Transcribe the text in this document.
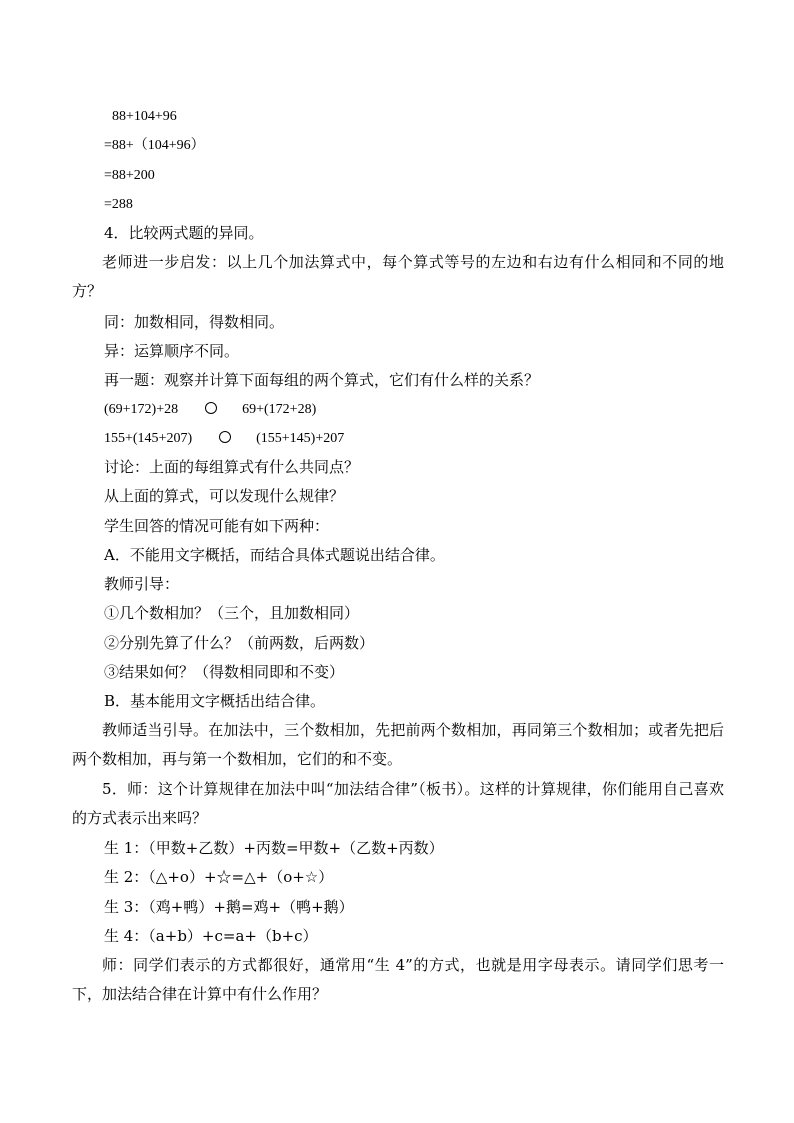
88+104+96
=88+（104+96）
=88+200
=288
4．比较两式题的异同。
老师进一步启发：以上几个加法算式中，每个算式等号的左边和右边有什么相同和不同的地方？
同：加数相同，得数相同。
异：运算顺序不同。
再一题：观察并计算下面每组的两个算式，它们有什么样的关系？
(69+172)+28	69+(172+28)
155+(145+207)	(155+145)+207
讨论：上面的每组算式有什么共同点？
从上面的算式，可以发现什么规律？
学生回答的情况可能有如下两种：
A．不能用文字概括，而结合具体式题说出结合律。
教师引导：
①几个数相加？（三个，且加数相同）
②分别先算了什么？（前两数，后两数）
③结果如何？（得数相同即和不变）
B．基本能用文字概括出结合律。
教师适当引导。在加法中，三个数相加，先把前两个数相加，再同第三个数相加；或者先把后两个数相加，再与第一个数相加，它们的和不变。
5．师：这个计算规律在加法中叫“加法结合律”（板书）。这样的计算规律，你们能用自己喜欢的方式表示出来吗？
生 1：（甲数+乙数）+丙数=甲数+（乙数+丙数）
生 2：（△+o）+☆=△+（o+☆）
生 3：（鸡+鸭）+鹅=鸡+（鸭+鹅）
生 4：（a+b）+c=a+（b+c）
师：同学们表示的方式都很好，通常用“生 4”的方式，也就是用字母表示。请同学们思考一下，加法结合律在计算中有什么作用？
